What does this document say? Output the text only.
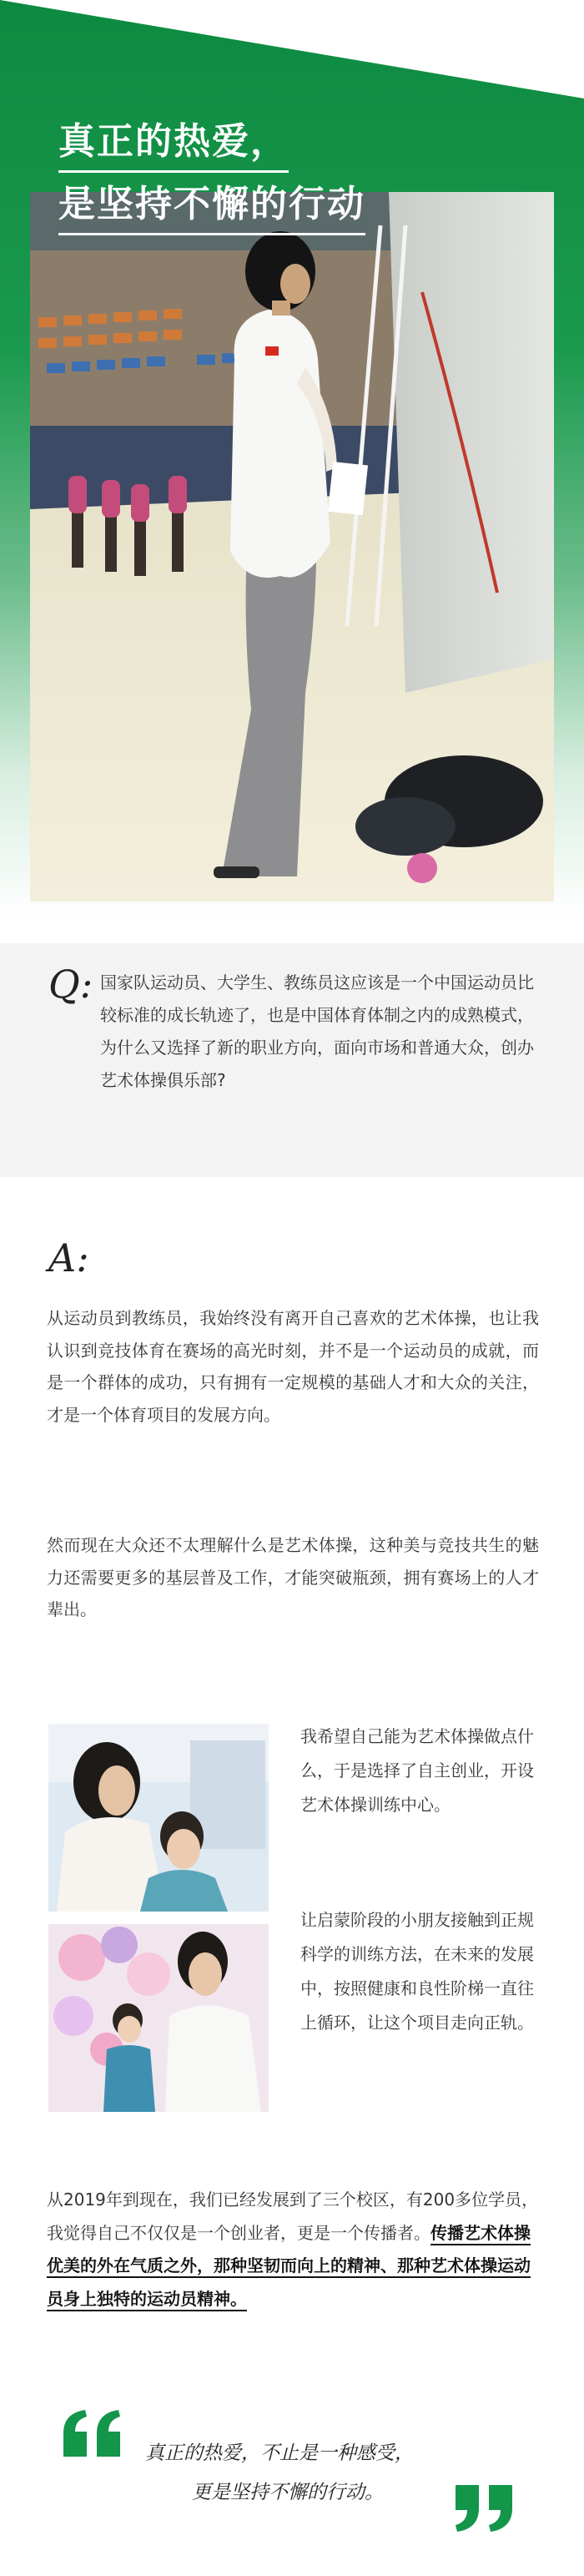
真正的热爱，
是坚持不懈的行动
Q: 国家队运动员、大学生、教练员这应该是一个中国运动员比较标准的成长轨迹了，也是中国体育体制之内的成熟模式，为什么又选择了新的职业方向，面向市场和普通大众，创办艺术体操俱乐部?
A:
从运动员到教练员，我始终没有离开自己喜欢的艺术体操，也让我认识到竞技体育在赛场的高光时刻，并不是一个运动员的成就，而是一个群体的成功，只有拥有一定规模的基础人才和大众的关注，才是一个体育项目的发展方向。
然而现在大众还不太理解什么是艺术体操，这种美与竞技共生的魅力还需要更多的基层普及工作，才能突破瓶颈，拥有赛场上的人才辈出。
我希望自己能为艺术体操做点什么，于是选择了自主创业，开设艺术体操训练中心。
让启蒙阶段的小朋友接触到正规科学的训练方法，在未来的发展中，按照健康和良性阶梯一直往上循环，让这个项目走向正轨。
从2019年到现在，我们已经发展到了三个校区，有200多位学员，我觉得自己不仅仅是一个创业者，更是一个传播者。传播艺术体操优美的外在气质之外，那种坚韧而向上的精神、那种艺术体操运动员身上独特的运动员精神。
真正的热爱，不止是一种感受，
更是坚持不懈的行动。
